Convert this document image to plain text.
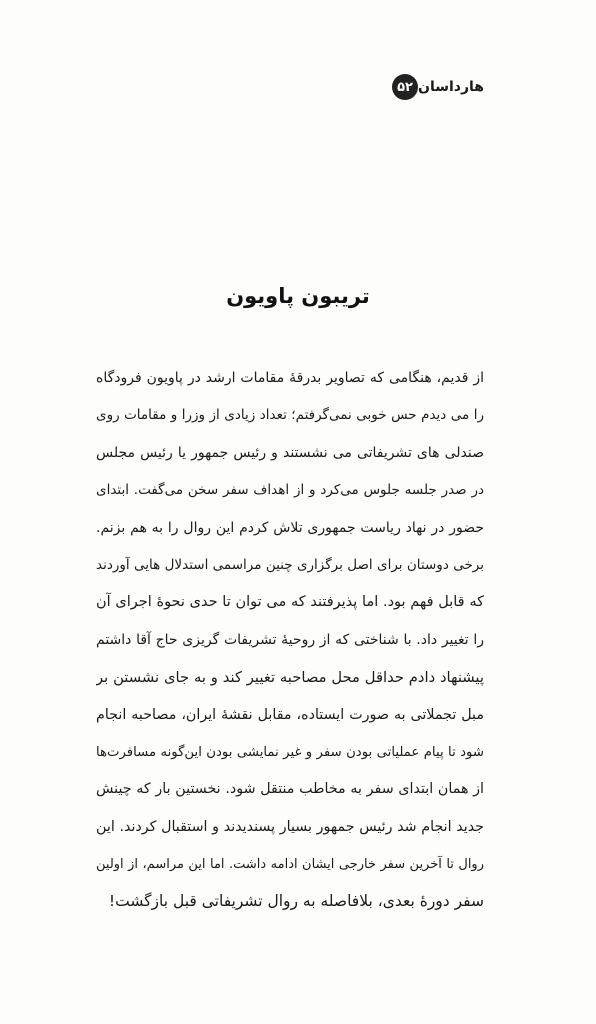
۵۲ هارداسان
تریبون پاویون
از قدیم، هنگامی که تصاویر بدرقهٔ مقامات ارشد در پاویون فرودگاه
را می دیدم حس خوبی نمی‌گرفتم؛ تعداد زیادی از وزرا و مقامات روی
صندلی های تشریفاتی می نشستند و رئیس جمهور یا رئیس مجلس
در صدر جلسه جلوس می‌کرد و از اهداف سفر سخن می‌گفت. ابتدای
حضور در نهاد ریاست جمهوری تلاش کردم این روال را به هم بزنم.
برخی دوستان برای اصل برگزاری چنین مراسمی استدلال هایی آوردند
که قابل فهم بود. اما پذیرفتند که می توان تا حدی نحوهٔ اجرای آن
را تغییر داد. با شناختی که از روحیهٔ تشریفات گریزی حاج آقا داشتم
پیشنهاد دادم حداقل محل مصاحبه تغییر کند و به جای نشستن بر
مبل تجملاتی به صورت ایستاده، مقابل نقشهٔ ایران، مصاحبه انجام
شود تا پیام عملیاتی بودن سفر و غیر نمایشی بودن این‌گونه مسافرت‌ها
از همان ابتدای سفر به مخاطب منتقل شود. نخستین بار که چینش
جدید انجام شد رئیس جمهور بسیار پسندیدند و استقبال کردند. این
روال تا آخرین سفر خارجی ایشان ادامه داشت. اما این مراسم، از اولین
سفر دورهٔ بعدی، بلافاصله به روال تشریفاتی قبل بازگشت!
